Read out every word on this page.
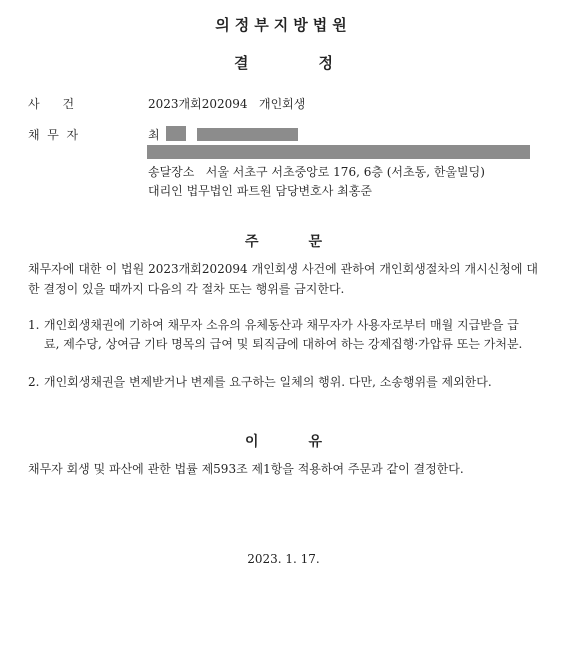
의정부지방법원
결	정
사      건	2023개회202094   개인회생
채  무  자	최
송달장소   서울 서초구 서초중앙로 176, 6층 (서초동, 한울빌딩)
대리인 법무법인 파트원 담당변호사 최홍준
주	문
채무자에 대한 이 법원 2023개회202094 개인회생 사건에 관하여 개인회생절차의 개시신청에 대한 결정이 있을 때까지 다음의 각 절차 또는 행위를 금지한다.
1. 개인회생채권에 기하여 채무자 소유의 유체동산과 채무자가 사용자로부터 매월 지급받을 급료, 제수당, 상여금 기타 명목의 급여 및 퇴직금에 대하여 하는 강제집행·가압류 또는 가처분.
2. 개인회생채권을 변제받거나 변제를 요구하는 일체의 행위. 다만, 소송행위를 제외한다.
이	유
채무자 회생 및 파산에 관한 법률 제593조 제1항을 적용하여 주문과 같이 결정한다.
2023. 1. 17.
